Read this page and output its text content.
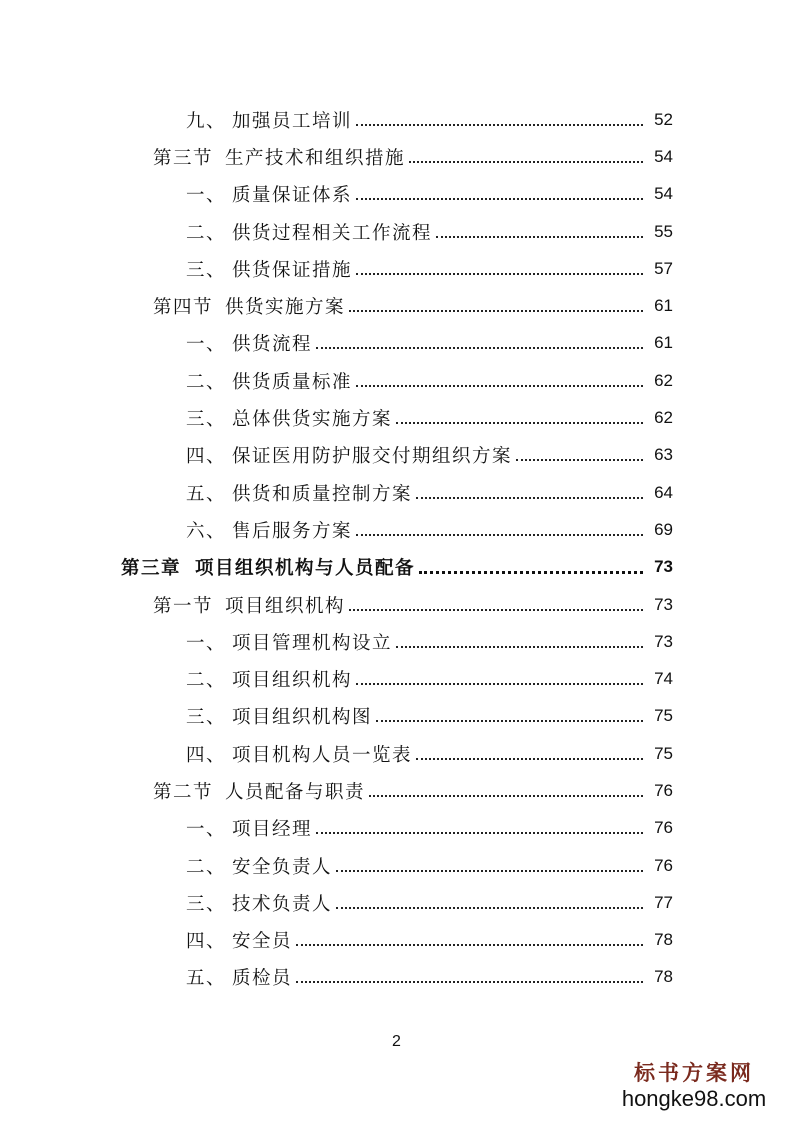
九、 加强员工培训	52
第三节 生产技术和组织措施	54
一、 质量保证体系	54
二、 供货过程相关工作流程	55
三、 供货保证措施	57
第四节 供货实施方案	61
一、 供货流程	61
二、 供货质量标准	62
三、 总体供货实施方案	62
四、 保证医用防护服交付期组织方案	63
五、 供货和质量控制方案	64
六、 售后服务方案	69
第三章 项目组织机构与人员配备	73
第一节 项目组织机构	73
一、 项目管理机构设立	73
二、 项目组织机构	74
三、 项目组织机构图	75
四、 项目机构人员一览表	75
第二节 人员配备与职责	76
一、 项目经理	76
二、 安全负责人	76
三、 技术负责人	77
四、 安全员	78
五、 质检员	78
2
标书方案网
hongke98.com
